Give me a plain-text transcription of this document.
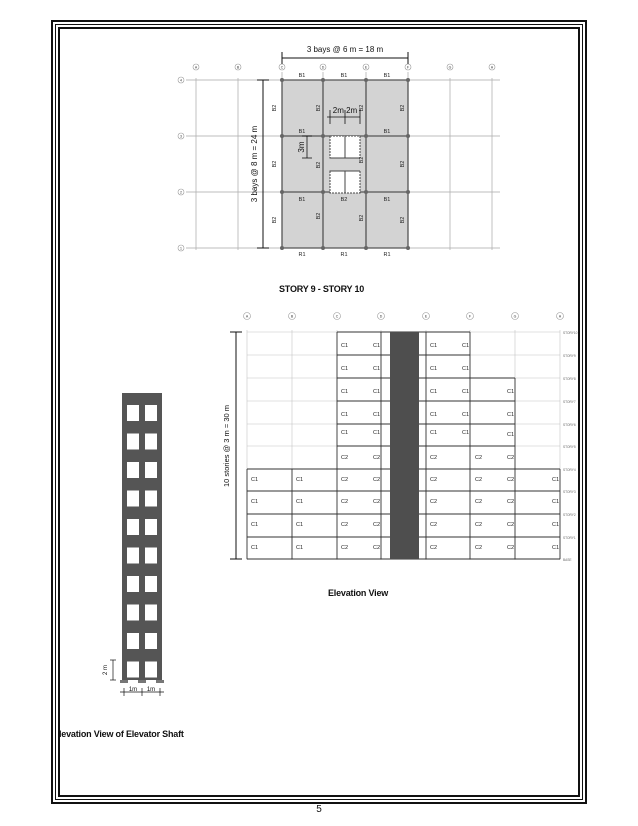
A	B	C	D	E	F	G	H
4
3
2
1
3 bays @ 6 m = 18 m
3 bays @ 8 m = 24 m
2m 2m
3m
B1	B1	B1
B1	B1
B1	B2	B1
R1	R1	R1
B2
B2
B2
B2
B2
B2
B2
B2
B2
B2
B2
B2
STORY 9 - STORY 10
A	B	C	D	E	F	G	H
STORY10
STORY9
STORY8
STORY7
STORY6
STORY5
STORY4
STORY3
STORY2
STORY1
BASE
10 stories @ 3 m = 30 m
C1	C1	C1	C1
C1	C1	C1	C1
C1	C1	C1	C1	C1
C1	C1	C1	C1	C1
C1	C1	C1	C1	C1
C2	C2	C2	C2	C2
C1	C1	C2	C2	C2	C2	C2	C1
C1	C1	C2	C2	C2	C2	C2	C1
C1	C1	C2	C2	C2	C2	C2	C1
C1	C1	C2	C2	C2	C2	C2	C1
Elevation View
2 m
1m 1m
levation View of Elevator Shaft
5
